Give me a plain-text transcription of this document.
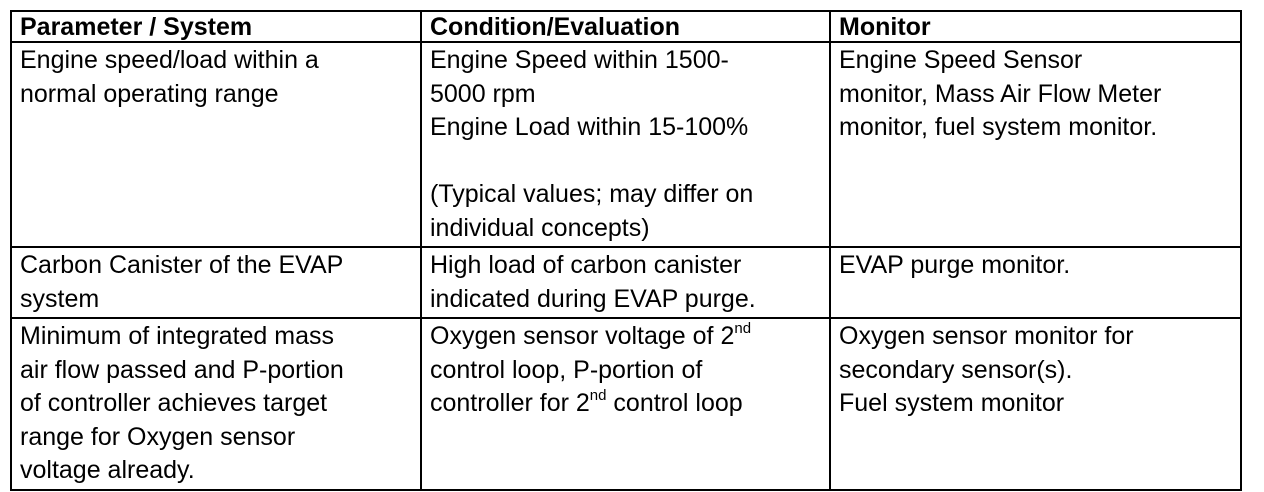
Parameter / System	Condition/Evaluation	Monitor

Engine speed/load within a
normal operating range	Engine Speed within 1500-
5000 rpm
Engine Load within 15-100%
(Typical values; may differ on
individual concepts)	Engine Speed Sensor
monitor, Mass Air Flow Meter
monitor, fuel system monitor.

Carbon Canister of the EVAP
system	High load of carbon canister
indicated during EVAP purge.	EVAP purge monitor.

Minimum of integrated mass
air flow passed and P-portion
of controller achieves target
range for Oxygen sensor
voltage already.	Oxygen sensor voltage of 2nd
control loop, P-portion of
controller for 2nd control loop	Oxygen sensor monitor for
secondary sensor(s).
Fuel system monitor
